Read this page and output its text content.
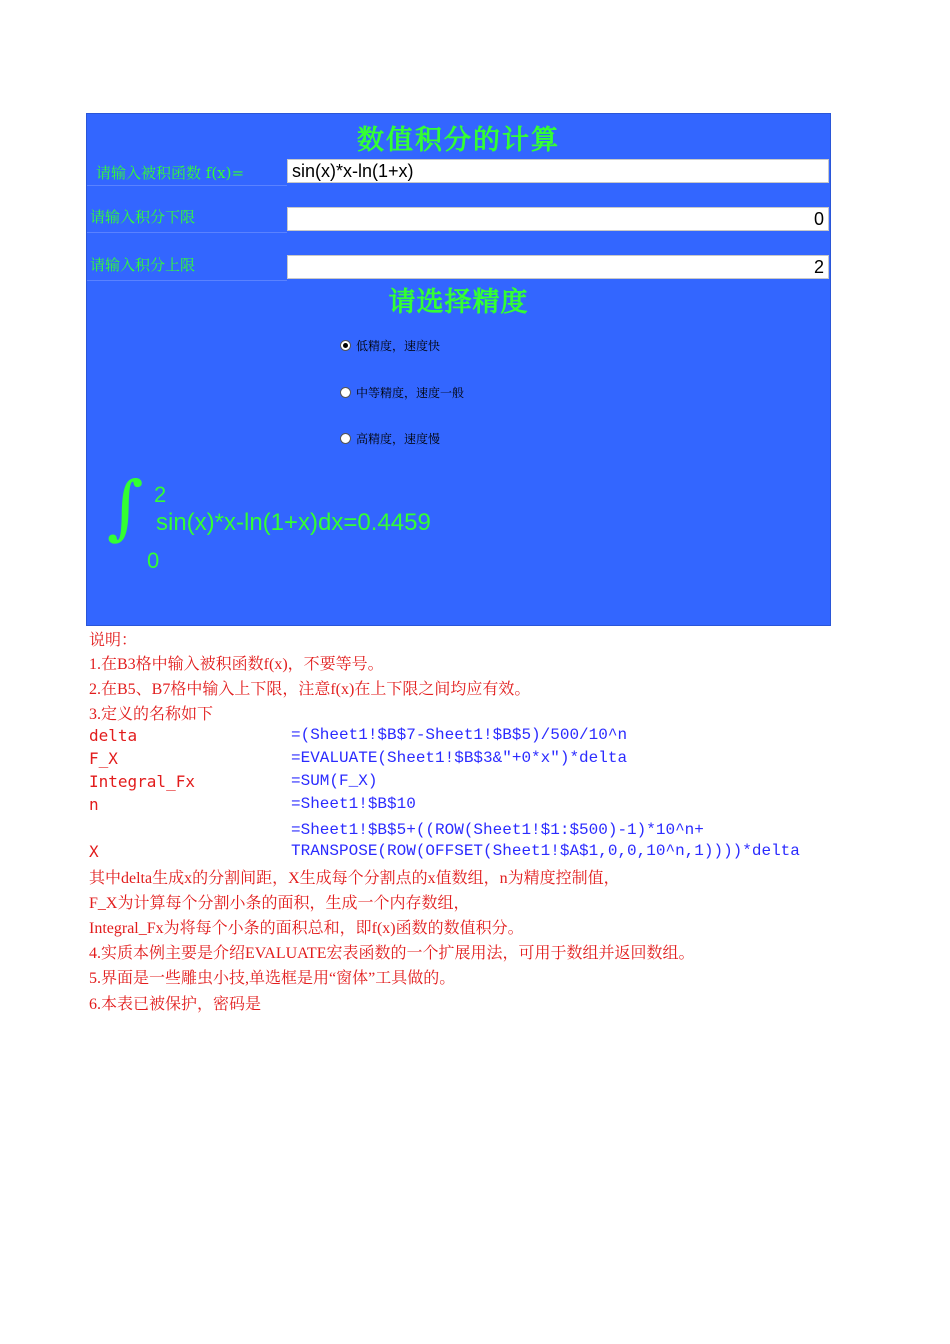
数值积分的计算
请输入被积函数 f(x)=	sin(x)*x-ln(1+x)
请输入积分下限	0
请输入积分上限	2
请选择精度
低精度，速度快
中等精度，速度一般
高精度，速度慢
∫ 2
sin(x)*x-ln(1+x)dx=0.4459
0
说明：
1.在B3格中输入被积函数f(x)，不要等号。
2.在B5、B7格中输入上下限，注意f(x)在上下限之间均应有效。
3.定义的名称如下
delta	=(Sheet1!$B$7-Sheet1!$B$5)/500/10^n
F_X	=EVALUATE(Sheet1!$B$3&"+0*x")*delta
Integral_Fx	=SUM(F_X)
n	=Sheet1!$B$10
=Sheet1!$B$5+((ROW(Sheet1!$1:$500)-1)*10^n+
X	TRANSPOSE(ROW(OFFSET(Sheet1!$A$1,0,0,10^n,1))))*delta
其中delta生成x的分割间距，X生成每个分割点的x值数组，n为精度控制值，
F_X为计算每个分割小条的面积，生成一个内存数组，
Integral_Fx为将每个小条的面积总和，即f(x)函数的数值积分。
4.实质本例主要是介绍EVALUATE宏表函数的一个扩展用法，可用于数组并返回数组。
5.界面是一些雕虫小技,单选框是用“窗体”工具做的。
6.本表已被保护，密码是
